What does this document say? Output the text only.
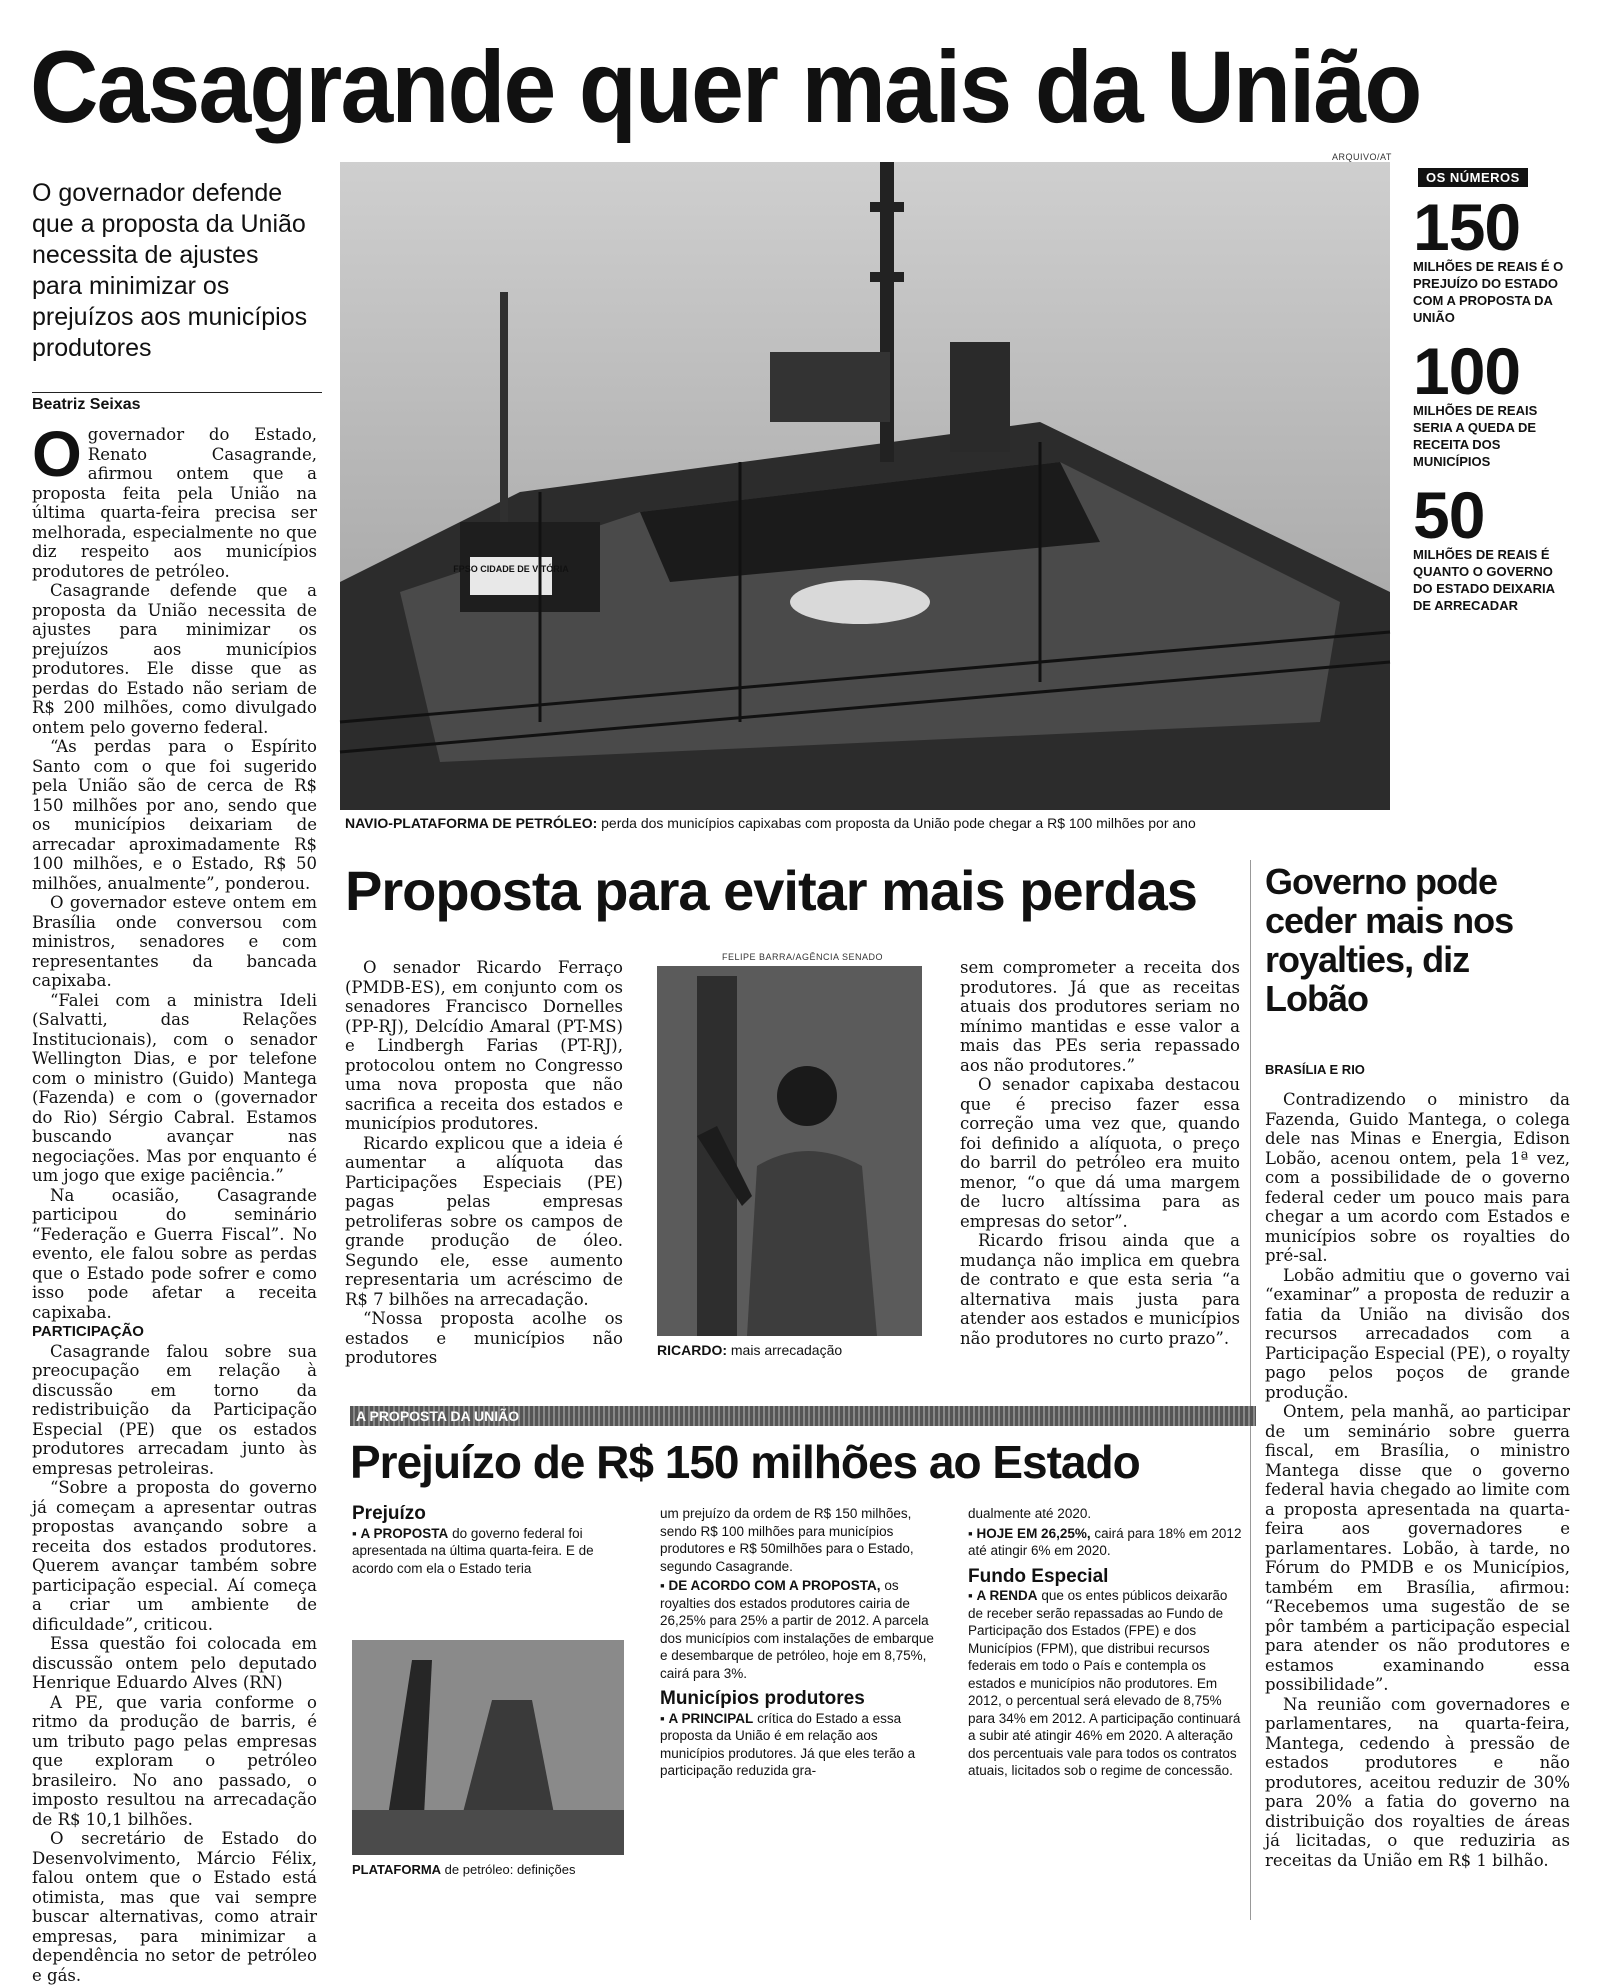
Casagrande quer mais da União
ARQUIVO/AT
O governador defende que a proposta da União necessita de ajustes para minimizar os prejuízos aos municípios produtores
Beatriz Seixas

Ogovernador do Estado, Renato Casagrande, afirmou ontem que a proposta feita pela União na última quarta-feira precisa ser melhorada, especialmente no que diz respeito aos municípios produtores de petróleo.

Casagrande defende que a proposta da União necessita de ajustes para minimizar os prejuízos aos municípios produtores. Ele disse que as perdas do Estado não seriam de R$ 200 milhões, como divulgado ontem pelo governo federal.

“As perdas para o Espírito Santo com o que foi sugerido pela União são de cerca de R$ 150 milhões por ano, sendo que os municípios deixariam de arrecadar aproximadamente R$ 100 milhões, e o Estado, R$ 50 milhões, anualmente”, ponderou.

O governador esteve ontem em Brasília onde conversou com ministros, senadores e com representantes da bancada capixaba.

“Falei com a ministra Ideli (Salvatti, das Relações Institucionais), com o senador Wellington Dias, e por telefone com o ministro (Guido) Mantega (Fazenda) e com o (governador do Rio) Sérgio Cabral. Estamos buscando avançar nas negociações. Mas por enquanto é um jogo que exige paciência.”

Na ocasião, Casagrande participou do seminário “Federação e Guerra Fiscal”. No evento, ele falou sobre as perdas que o Estado pode sofrer e como isso pode afetar a receita capixaba.

PARTICIPAÇÃO

Casagrande falou sobre sua preocupação em relação à discussão em torno da redistribuição da Participação Especial (PE) que os estados produtores arrecadam junto às empresas petroleiras.

“Sobre a proposta do governo já começam a apresentar outras propostas avançando sobre a receita dos estados produtores. Querem avançar também sobre participação especial. Aí começa a criar um ambiente de dificuldade”, criticou.

Essa questão foi colocada em discussão ontem pelo deputado Henrique Eduardo Alves (RN)

A PE, que varia conforme o ritmo da produção de barris, é um tributo pago pelas empresas que exploram o petróleo brasileiro. No ano passado, o imposto resultou na arrecadação de R$ 10,1 bilhões.

O secretário de Estado do Desenvolvimento, Márcio Félix, falou ontem que o Estado está otimista, mas que vai sempre buscar alternativas, como atrair empresas, para minimizar a dependência no setor de petróleo e gás.

FPSO CIDADE DE VITÓRIA
NAVIO-PLATAFORMA DE PETRÓLEO: perda dos municípios capixabas com proposta da União pode chegar a R$ 100 milhões por ano
OS NÚMEROS
150
MILHÕES DE REAIS É O PREJUÍZO DO ESTADO COM A PROPOSTA DA UNIÃO
100
MILHÕES DE REAIS SERIA A QUEDA DE RECEITA DOS MUNICÍPIOS
50
MILHÕES DE REAIS É QUANTO O GOVERNO DO ESTADO DEIXARIA DE ARRECADAR
Proposta para evitar mais perdas

O senador Ricardo Ferraço (PMDB-ES), em conjunto com os senadores Francisco Dornelles (PP-RJ), Delcídio Amaral (PT-MS) e Lindbergh Farias (PT-RJ), protocolou ontem no Congresso uma nova proposta que não sacrifica a receita dos estados e municípios produtores.

Ricardo explicou que a ideia é aumentar a alíquota das Participações Especiais (PE) pagas pelas empresas petroliferas sobre os campos de grande produção de óleo. Segundo ele, esse aumento representaria um acréscimo de R$ 7 bilhões na arrecadação.

“Nossa proposta acolhe os estados e municípios não produtores

FELIPE BARRA/AGÊNCIA SENADO
RICARDO: mais arrecadação

sem comprometer a receita dos produtores. Já que as receitas atuais dos produtores seriam no mínimo mantidas e esse valor a mais das PEs seria repassado aos não produtores.”

O senador capixaba destacou que é preciso fazer essa correção uma vez que, quando foi definido a alíquota, o preço do barril do petróleo era muito menor, “o que dá uma margem de lucro altíssima para as empresas do setor”.

Ricardo frisou ainda que a mudança não implica em quebra de contrato e que esta seria “a alternativa mais justa para atender aos estados e municípios não produtores no curto prazo”.

Governo pode ceder mais nos royalties, diz Lobão
BRASÍLIA E RIO

Contradizendo o ministro da Fazenda, Guido Mantega, o colega dele nas Minas e Energia, Edison Lobão, acenou ontem, pela 1ª vez, com a possibilidade de o governo federal ceder um pouco mais para chegar a um acordo com Estados e municípios sobre os royalties do pré-sal.

Lobão admitiu que o governo vai “examinar” a proposta de reduzir a fatia da União na divisão dos recursos arrecadados com a Participação Especial (PE), o royalty pago pelos poços de grande produção.

Ontem, pela manhã, ao participar de um seminário sobre guerra fiscal, em Brasília, o ministro Mantega disse que o governo federal havia chegado ao limite com a proposta apresentada na quarta-feira aos governadores e parlamentares. Lobão, à tarde, no Fórum do PMDB e os Municípios, também em Brasília, afirmou: “Recebemos uma sugestão de se pôr também a participação especial para atender os não produtores e estamos examinando essa possibilidade”.

Na reunião com governadores e parlamentares, na quarta-feira, Mantega, cedendo à pressão de estados produtores e não produtores, aceitou reduzir de 30% para 20% a fatia do governo na distribuição dos royalties de áreas já licitadas, o que reduziria as receitas da União em R$ 1 bilhão.

A PROPOSTA DA UNIÃO
Prejuízo de R$ 150 milhões ao Estado
Prejuízo

▪ A PROPOSTA do governo federal foi apresentada na última quarta-feira. E de acordo com ela o Estado teria

PLATAFORMA de petróleo: definições

um prejuízo da ordem de R$ 150 milhões, sendo R$ 100 milhões para municípios produtores e R$ 50milhões para o Estado, segundo Casagrande.

▪ DE ACORDO COM A PROPOSTA, os royalties dos estados produtores cairia de 26,25% para 25% a partir de 2012. A parcela dos municípios com instalações de embarque e desembarque de petróleo, hoje em 8,75%, cairá para 3%.

Municípios produtores

▪ A PRINCIPAL crítica do Estado a essa proposta da União é em relação aos municípios produtores. Já que eles terão a participação reduzida gra-

dualmente até 2020.

▪ HOJE EM 26,25%, cairá para 18% em 2012 até atingir 6% em 2020.

Fundo Especial

▪ A RENDA que os entes públicos deixarão de receber serão repassadas ao Fundo de Participação dos Estados (FPE) e dos Municípios (FPM), que distribui recursos federais em todo o País e contempla os estados e municípios não produtores. Em 2012, o percentual será elevado de 8,75% para 34% em 2012. A participação continuará a subir até atingir 46% em 2020. A alteração dos percentuais vale para todos os contratos atuais, licitados sob o regime de concessão.
